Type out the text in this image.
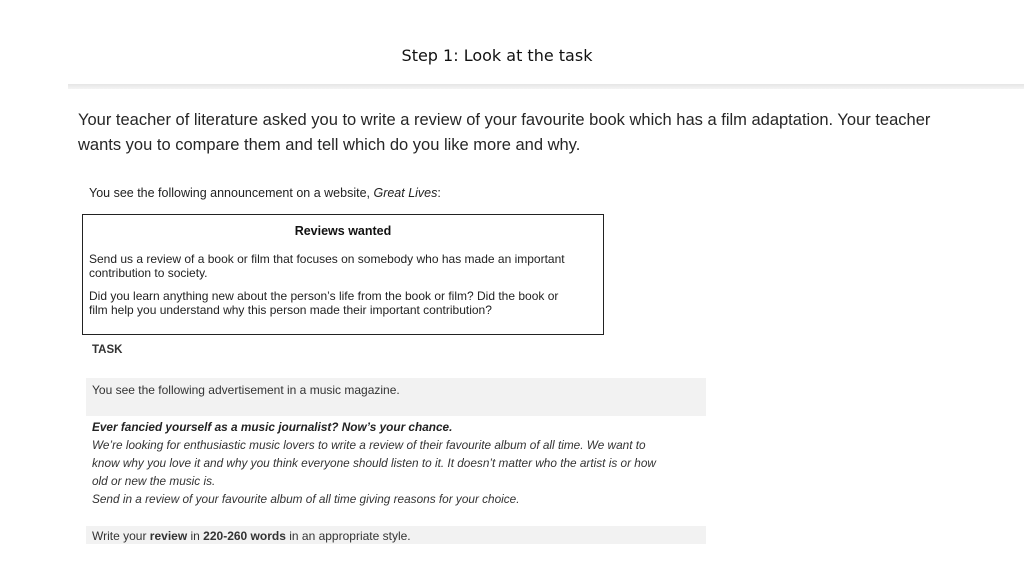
Step 1: Look at the task
Your teacher of literature asked you to write a review of your favourite book which has a film adaptation. Your teacher
wants you to compare them and tell which do you like more and why.
You see the following announcement on a website, Great Lives:
Reviews wanted
Send us a review of a book or film that focuses on somebody who has made an important
contribution to society.
Did you learn anything new about the person’s life from the book or film? Did the book or
film help you understand why this person made their important contribution?
TASK
You see the following advertisement in a music magazine.
Ever fancied yourself as a music journalist? Now’s your chance.
We’re looking for enthusiastic music lovers to write a review of their favourite album of all time. We want to
know why you love it and why you think everyone should listen to it. It doesn’t matter who the artist is or how
old or new the music is.
Send in a review of your favourite album of all time giving reasons for your choice.
Write your review in 220-260 words in an appropriate style.
